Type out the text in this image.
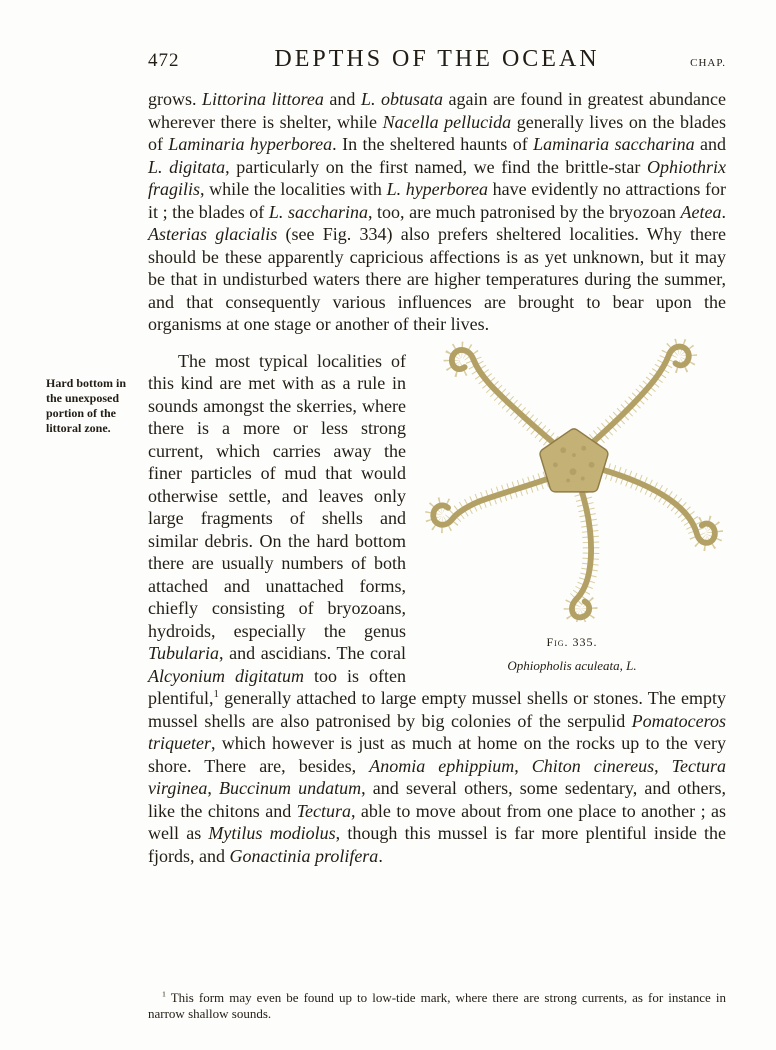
472	DEPTHS OF THE OCEAN	CHAP.
Hard bottom in the unexposed portion of the littoral zone.

grows. Littorina littorea and L. obtusata again are found in greatest abundance wherever there is shelter, while Nacella pellucida generally lives on the blades of Laminaria hyperborea. In the sheltered haunts of Laminaria saccharina and L. digitata, particularly on the first named, we find the brittle-star Ophiothrix fragilis, while the localities with L. hyperborea have evidently no attractions for it ; the blades of L. saccharina, too, are much patronised by the bryozoan Aetea. Asterias glacialis (see Fig. 334) also prefers sheltered localities. Why there should be these apparently capricious affections is as yet unknown, but it may be that in undisturbed waters there are higher temperatures during the summer, and that consequently various influences are brought to bear upon the organisms at one stage or another of their lives.

Fig. 335.
Ophiopholis aculeata, L.
The most typical localities of this kind are met with as a rule in sounds amongst the skerries, where there is a more or less strong current, which carries away the finer particles of mud that would otherwise settle, and leaves only large fragments of shells and similar debris. On the hard bottom there are usually numbers of both attached and unattached forms, chiefly consisting of bryozoans, hydroids, especially the genus Tubularia, and ascidians. The coral Alcyonium digitatum too is often plentiful,$^1$ generally attached to large empty mussel shells or stones. The empty mussel shells are also patronised by big colonies of the serpulid Pomatoceros triqueter, which however is just as much at home on the rocks up to the very shore. There are, besides, Anomia ephippium, Chiton cinereus, Tectura virginea, Buccinum undatum, and several others, some sedentary, and others, like the chitons and Tectura, able to move about from one place to another ; as well as Mytilus modiolus, though this mussel is far more plentiful inside the fjords, and Gonactinia prolifera.

$^1$ This form may even be found up to low-tide mark, where there are strong currents, as for instance in narrow shallow sounds.
